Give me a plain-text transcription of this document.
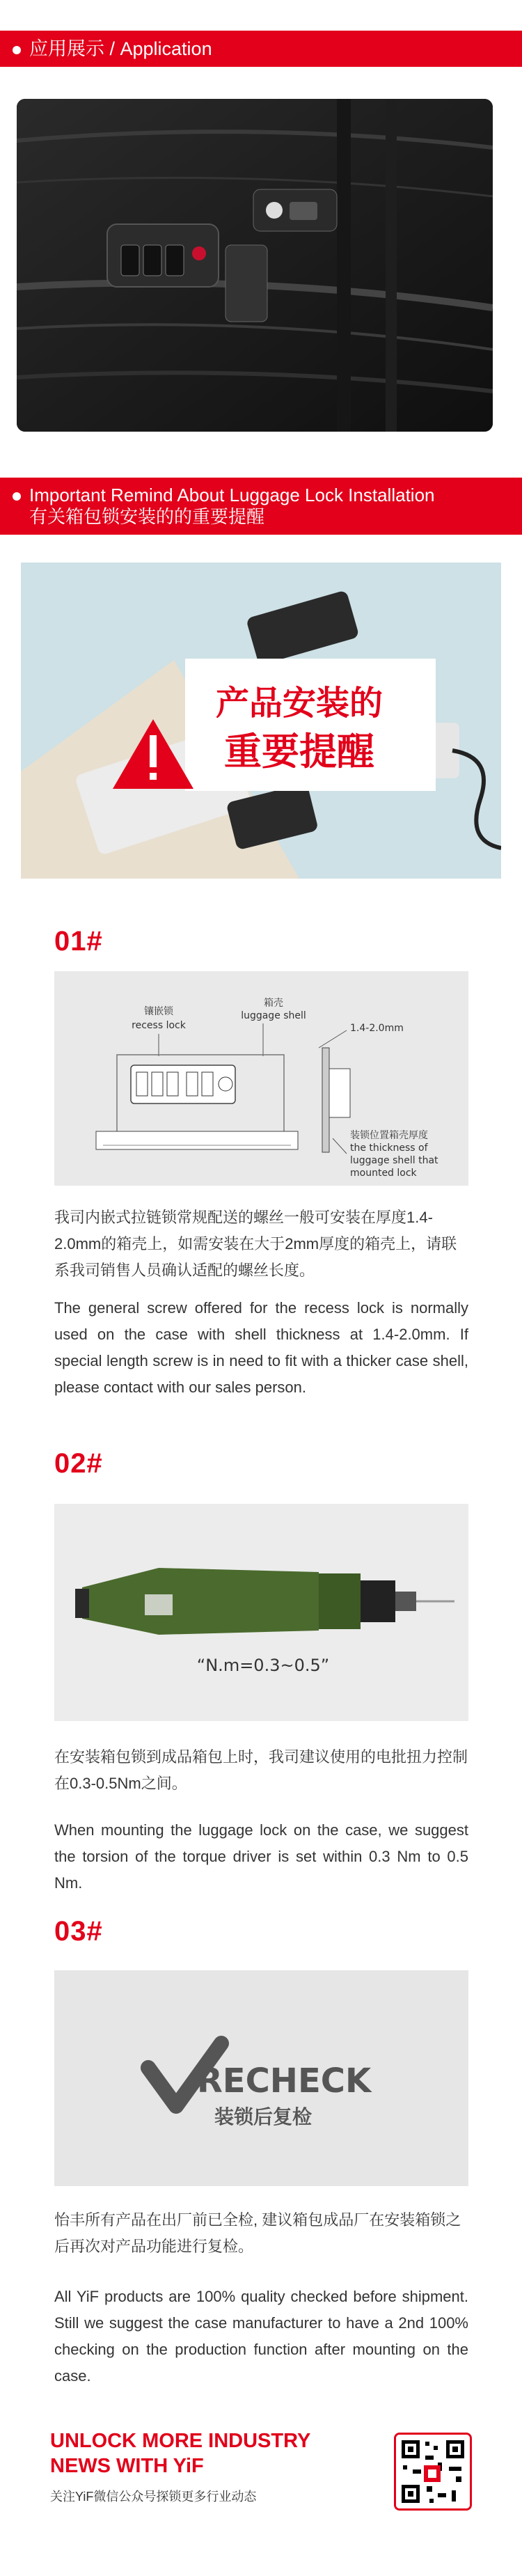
应用展示 / Application
Important Remind About Luggage Lock Installation
有关箱包锁安装的的重要提醒
产品安装的
重要提醒
01#
镶嵌锁
recess lock
箱壳
luggage shell
1.4-2.0mm
装锁位置箱壳厚度
the thickness of
luggage shell that
mounted lock
我司内嵌式拉链锁常规配送的螺丝一般可安装在厚度1.4-2.0mm的箱壳上，如需安装在大于2mm厚度的箱壳上，请联系我司销售人员确认适配的螺丝长度。
The general screw offered for the recess lock is normally used on the case with shell thickness at 1.4-2.0mm. If special length screw is in need to fit with a thicker case shell, please contact with our sales person.
02#
“N.m=0.3~0.5”
在安装箱包锁到成品箱包上时，我司建议使用的电批扭力控制在0.3-0.5Nm之间。
When mounting the luggage lock on the case, we suggest the torsion of the torque driver is set within 0.3 Nm to 0.5 Nm.
03#
RECHECK
装锁后复检
怡丰所有产品在出厂前已全检, 建议箱包成品厂在安装箱锁之后再次对产品功能进行复检。
All YiF products are 100% quality checked before shipment. Still we suggest the case manufacturer to have a 2nd 100% checking on the production function after mounting on the case.
UNLOCK MORE INDUSTRY
NEWS WITH YiF
关注YiF微信公众号探锁更多行业动态
